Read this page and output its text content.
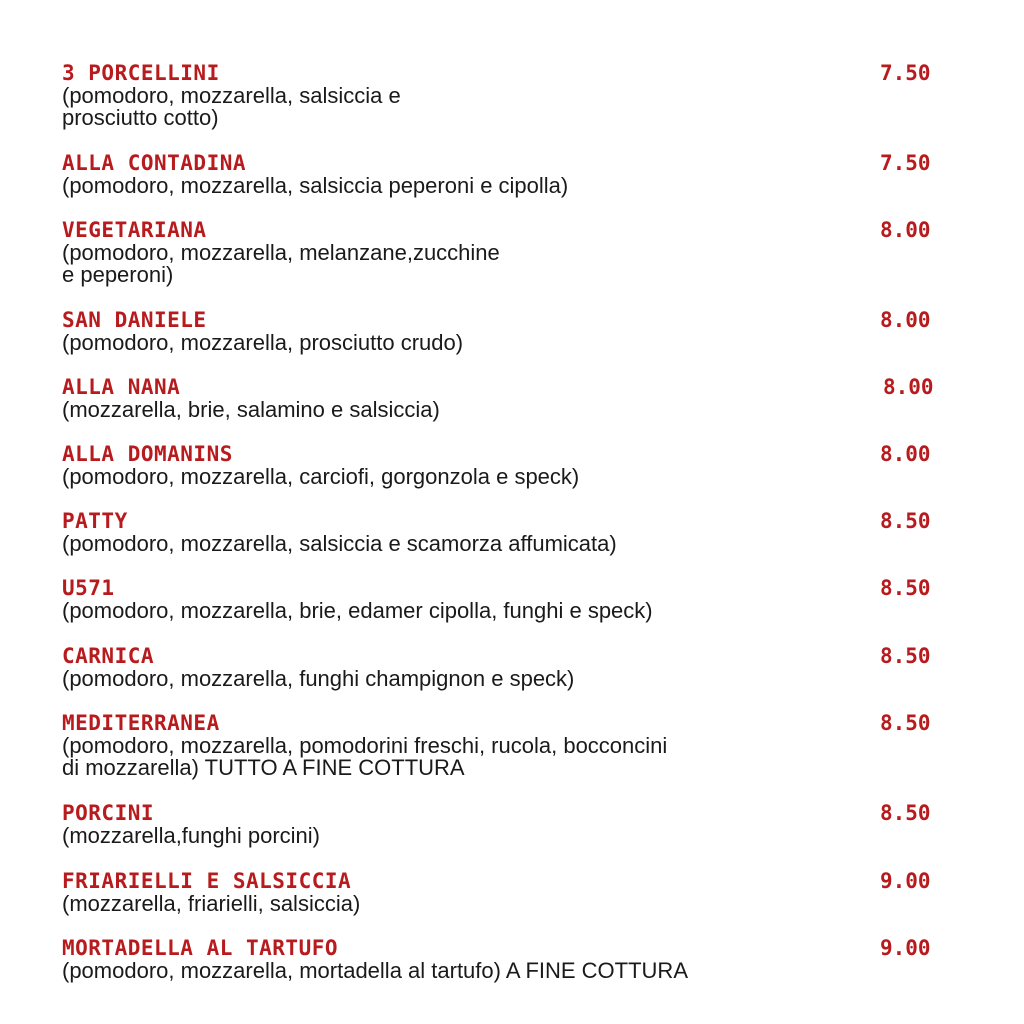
3 PORCELLINI	7.50
(pomodoro, mozzarella, salsiccia e
prosciutto cotto)
ALLA CONTADINA	7.50
(pomodoro, mozzarella, salsiccia peperoni e cipolla)
VEGETARIANA	8.00
(pomodoro, mozzarella, melanzane,zucchine
e peperoni)
SAN DANIELE	8.00
(pomodoro, mozzarella, prosciutto crudo)
ALLA NANA	8.00
(mozzarella, brie, salamino e salsiccia)
ALLA DOMANINS	8.00
(pomodoro, mozzarella, carciofi, gorgonzola e speck)
PATTY	8.50
(pomodoro, mozzarella, salsiccia e scamorza affumicata)
U571	8.50
(pomodoro, mozzarella, brie, edamer cipolla, funghi e speck)
CARNICA	8.50
(pomodoro, mozzarella, funghi champignon e speck)
MEDITERRANEA	8.50
(pomodoro, mozzarella, pomodorini freschi, rucola, bocconcini
di mozzarella) TUTTO A FINE COTTURA
PORCINI	8.50
(mozzarella,funghi porcini)
FRIARIELLI E SALSICCIA	9.00
(mozzarella, friarielli, salsiccia)
MORTADELLA AL TARTUFO	9.00
(pomodoro, mozzarella, mortadella al tartufo) A FINE COTTURA
